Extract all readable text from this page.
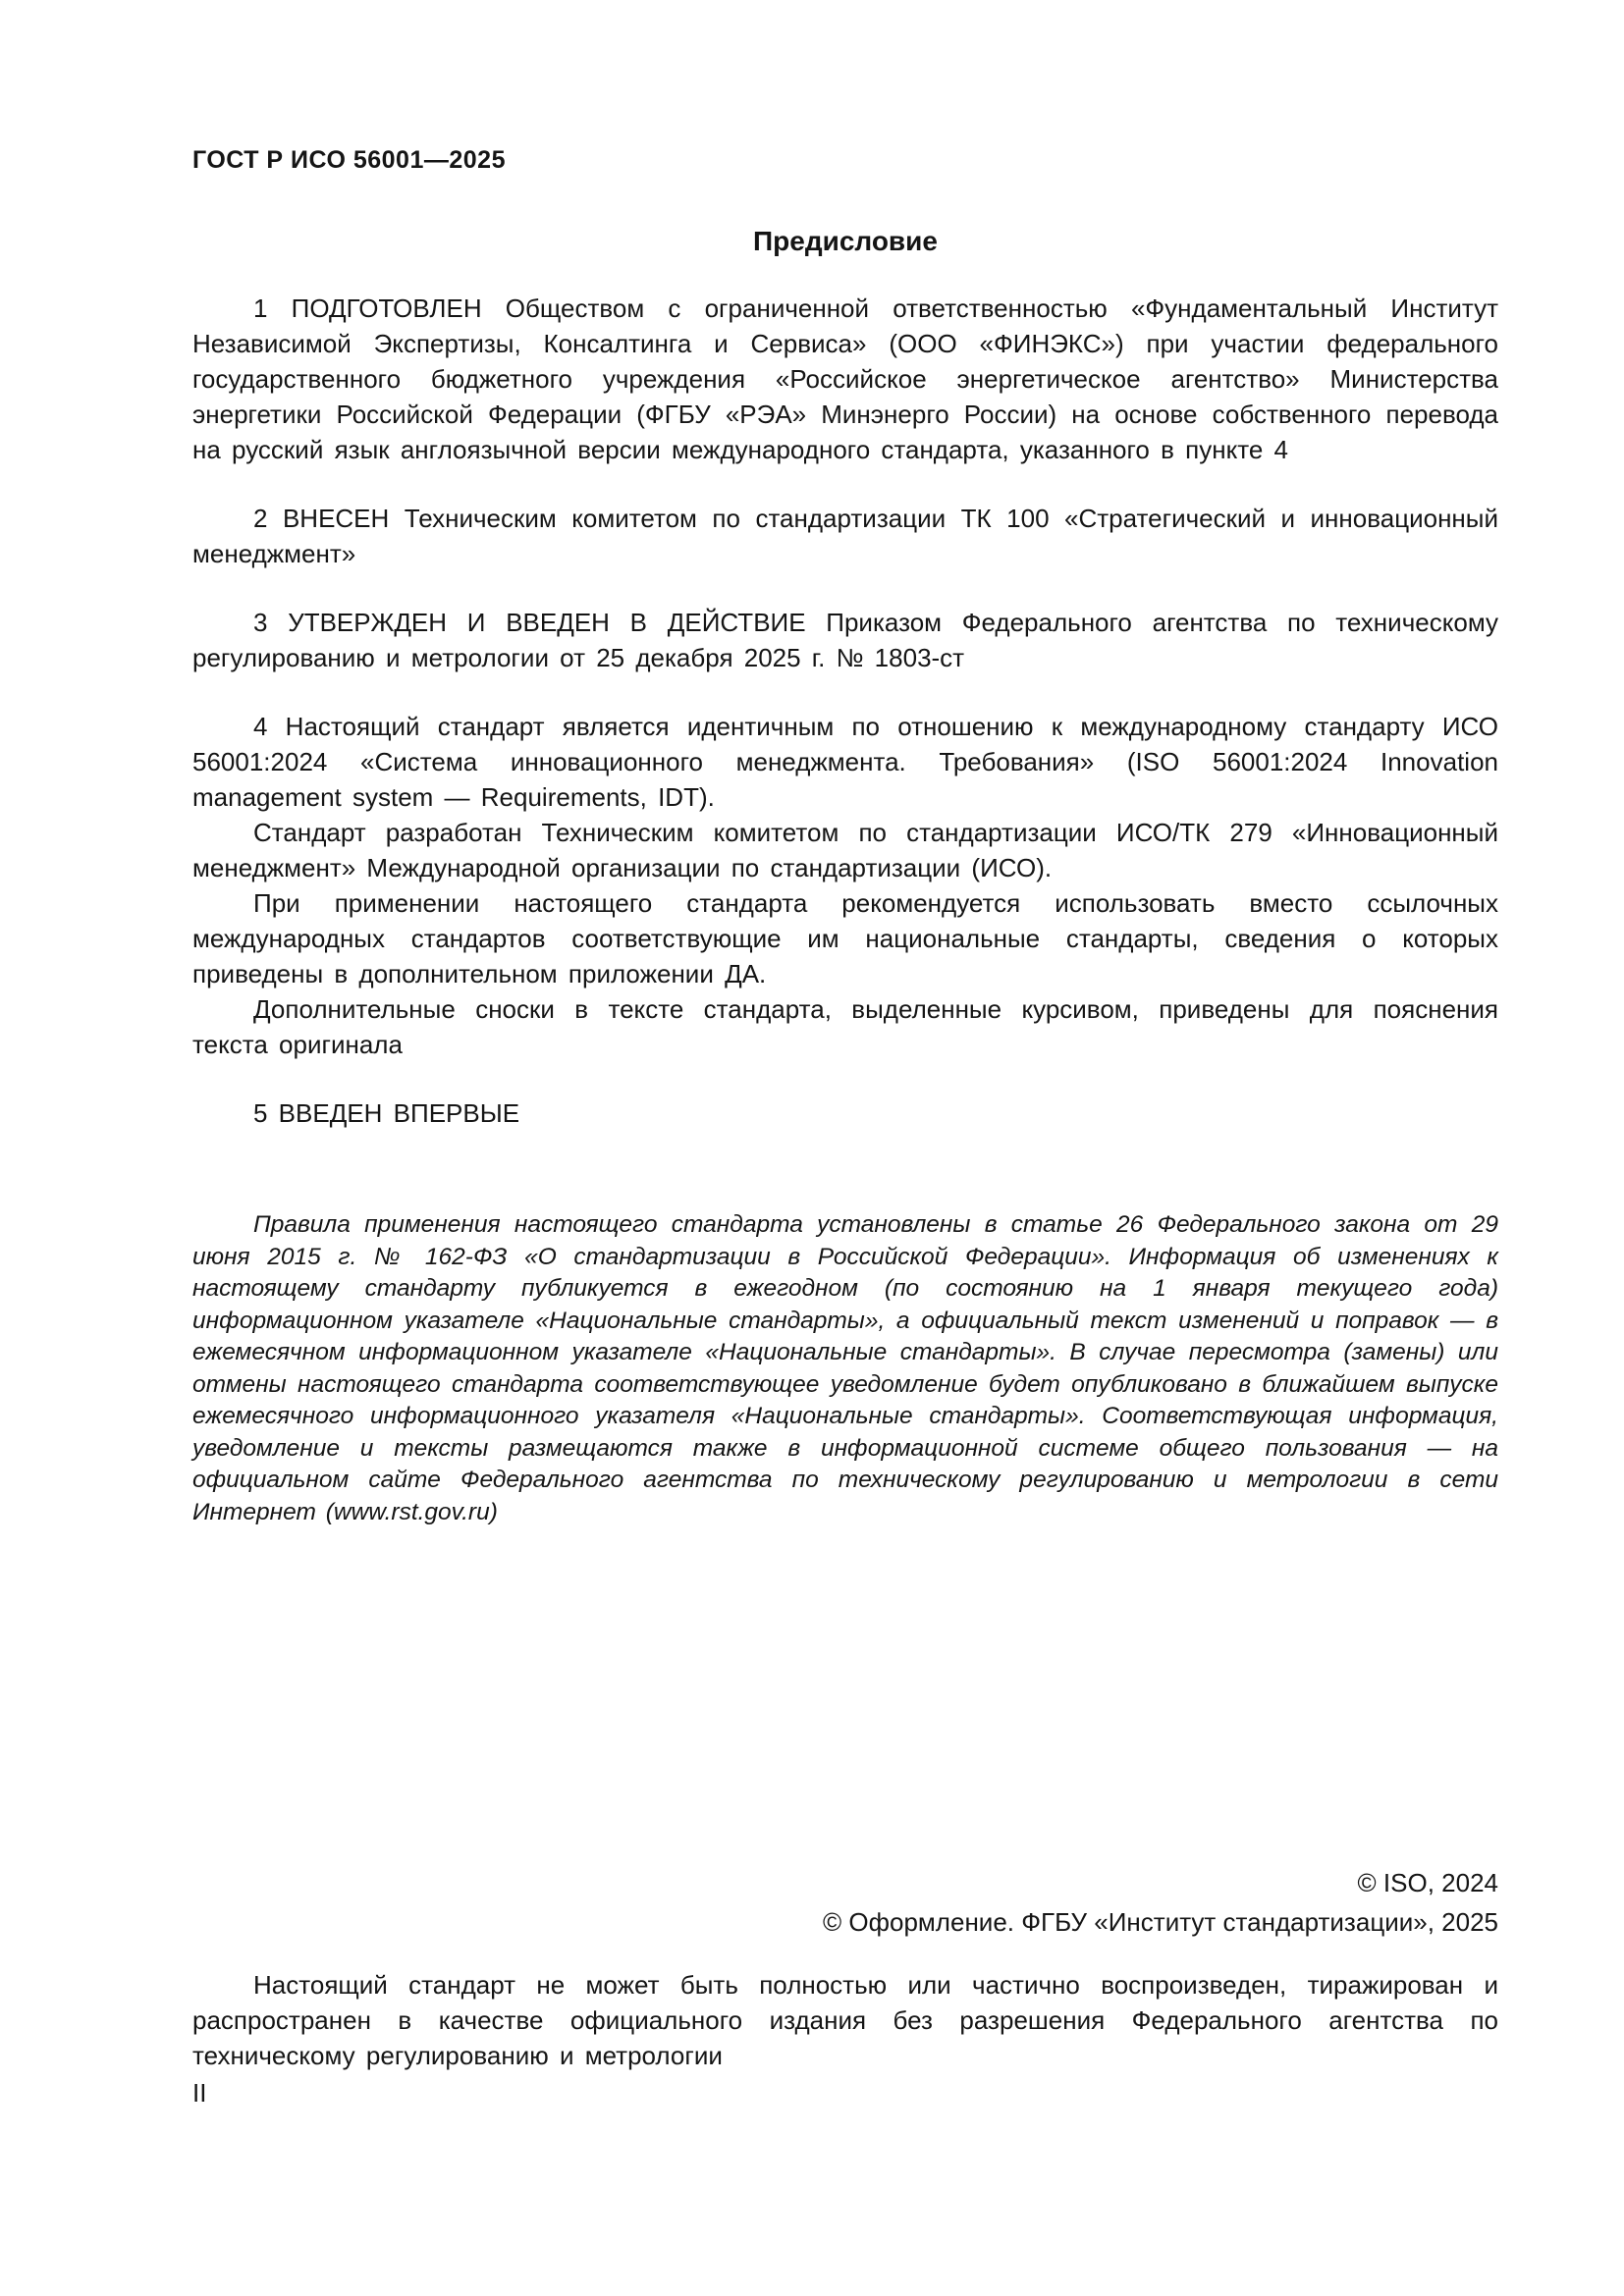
ГОСТ Р ИСО 56001—2025
Предисловие

1 ПОДГОТОВЛЕН Обществом с ограниченной ответственностью «Фундаментальный Институт Независимой Экспертизы, Консалтинга и Сервиса» (ООО «ФИНЭКС») при участии федерального государственного бюджетного учреждения «Российское энергетическое агентство» Министерства энергетики Российской Федерации (ФГБУ «РЭА» Минэнерго России) на основе собственного перевода на русский язык англоязычной версии международного стандарта, указанного в пункте 4

2 ВНЕСЕН Техническим комитетом по стандартизации ТК 100 «Стратегический и инновационный менеджмент»

3 УТВЕРЖДЕН И ВВЕДЕН В ДЕЙСТВИЕ Приказом Федерального агентства по техническому регулированию и метрологии от 25 декабря 2025 г. № 1803-ст

4 Настоящий стандарт является идентичным по отношению к международному стандарту ИСО 56001:2024 «Система инновационного менеджмента. Требования» (ISO 56001:2024 Innovation management system — Requirements, IDT).

Стандарт разработан Техническим комитетом по стандартизации ИСО/ТК 279 «Инновационный менеджмент» Международной организации по стандартизации (ИСО).

При применении настоящего стандарта рекомендуется использовать вместо ссылочных международных стандартов соответствующие им национальные стандарты, сведения о которых приведены в дополнительном приложении ДА.

Дополнительные сноски в тексте стандарта, выделенные курсивом, приведены для пояснения текста оригинала

5 ВВЕДЕН ВПЕРВЫЕ

Правила применения настоящего стандарта установлены в статье 26 Федерального закона от 29 июня 2015 г. № 162-ФЗ «О стандартизации в Российской Федерации». Информация об изменениях к настоящему стандарту публикуется в ежегодном (по состоянию на 1 января текущего года) информационном указателе «Национальные стандарты», а официальный текст изменений и поправок — в ежемесячном информационном указателе «Национальные стандарты». В случае пересмотра (замены) или отмены настоящего стандарта соответствующее уведомление будет опубликовано в ближайшем выпуске ежемесячного информационного указателя «Национальные стандарты». Соответствующая информация, уведомление и тексты размещаются также в информационной системе общего пользования — на официальном сайте Федерального агентства по техническому регулированию и метрологии в сети Интернет (www.rst.gov.ru)

© ISO, 2024
© Оформление. ФГБУ «Институт стандартизации», 2025

Настоящий стандарт не может быть полностью или частично воспроизведен, тиражирован и распространен в качестве официального издания без разрешения Федерального агентства по техническому регулированию и метрологии

II
